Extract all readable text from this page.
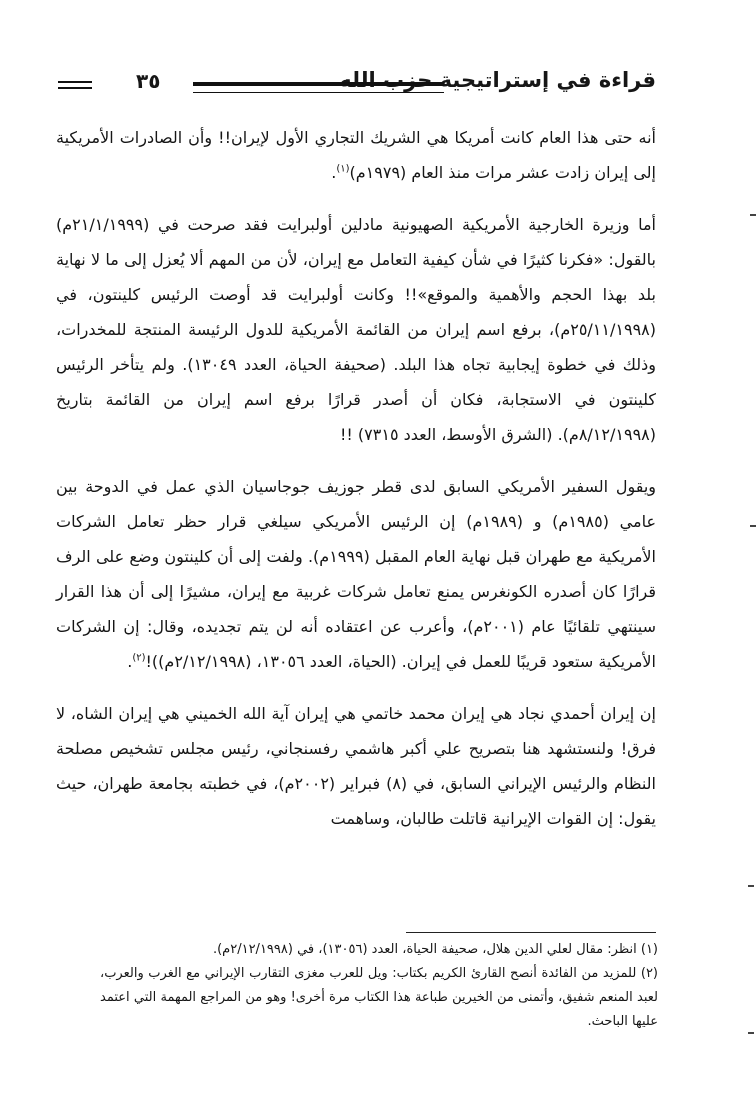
قراءة في إستراتيجية حزب الله
٣٥

أنه حتى هذا العام كانت أمريكا هي الشريك التجاري الأول لإيران!! وأن الصادرات الأمريكية إلى إيران زادت عشر مرات منذ العام (١٩٧٩م)$^{(١)}$.

أما وزيرة الخارجية الأمريكية الصهيونية مادلين أولبرايت فقد صرحت في (٢١/١/١٩٩٩م) بالقول: «فكرنا كثيرًا في شأن كيفية التعامل مع إيران، لأن من المهم ألا يُعزل إلى ما لا نهاية بلد بهذا الحجم والأهمية والموقع»!! وكانت أولبرايت قد أوصت الرئيس كلينتون، في (٢٥/١١/١٩٩٨م)، برفع اسم إيران من القائمة الأمريكية للدول الرئيسة المنتجة للمخدرات، وذلك في خطوة إيجابية تجاه هذا البلد. (صحيفة الحياة، العدد ١٣٠٤٩). ولم يتأخر الرئيس كلينتون في الاستجابة، فكان أن أصدر قرارًا برفع اسم إيران من القائمة بتاريخ (٨/١٢/١٩٩٨م). (الشرق الأوسط، العدد ٧٣١٥) !!

ويقول السفير الأمريكي السابق لدى قطر جوزيف جوجاسيان الذي عمل في الدوحة بين عامي (١٩٨٥م) و (١٩٨٩م) إن الرئيس الأمريكي سيلغي قرار حظر تعامل الشركات الأمريكية مع طهران قبل نهاية العام المقبل (١٩٩٩م). ولفت إلى أن كلينتون وضع على الرف قرارًا كان أصدره الكونغرس يمنع تعامل شركات غربية مع إيران، مشيرًا إلى أن هذا القرار سينتهي تلقائيًا عام (٢٠٠١م)، وأعرب عن اعتقاده أنه لن يتم تجديده، وقال: إن الشركات الأمريكية ستعود قريبًا للعمل في إيران. (الحياة، العدد ١٣٠٥٦، (٢/١٢/١٩٩٨م))!$^{(٢)}$.

إن إيران أحمدي نجاد هي إيران محمد خاتمي هي إيران آية الله الخميني هي إيران الشاه، لا فرق! ولنستشهد هنا بتصريح علي أكبر هاشمي رفسنجاني، رئيس مجلس تشخيص مصلحة النظام والرئيس الإيراني السابق، في (٨) فبراير (٢٠٠٢م)، في خطبته بجامعة طهران، حيث يقول: إن القوات الإيرانية قاتلت طالبان، وساهمت

(١) انظر: مقال لعلي الدين هلال، صحيفة الحياة، العدد (١٣٠٥٦)، في (٢/١٢/١٩٩٨م).

(٢) للمزيد من الفائدة أنصح القارئ الكريم بكتاب: ويل للعرب مغزى التقارب الإيراني مع الغرب والعرب، لعبد المنعم شفيق، وأتمنى من الخيرين طباعة هذا الكتاب مرة أخرى! وهو من المراجع المهمة التي اعتمد عليها الباحث.
